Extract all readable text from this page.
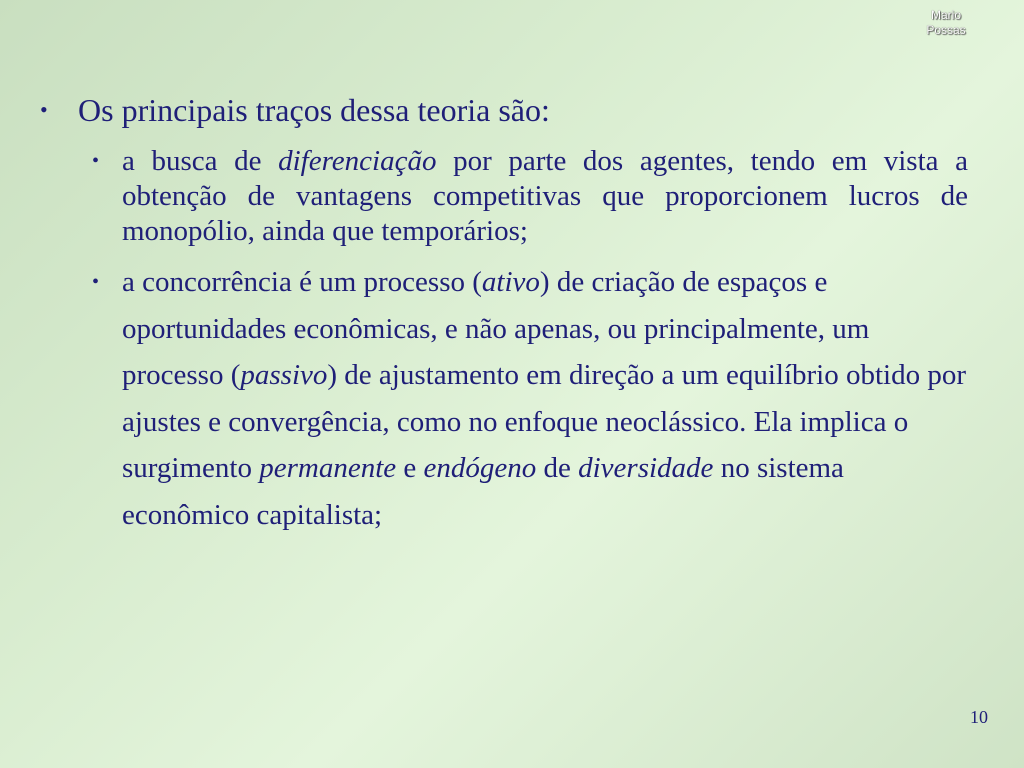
Mario
Possas
• Os principais traços dessa teoria são:
• a busca de diferenciação por parte dos agentes, tendo em vista a obtenção de vantagens competitivas que proporcionem lucros de monopólio, ainda que temporários;
• a concorrência é um processo (ativo) de criação de espaços e oportunidades econômicas, e não apenas, ou principalmente, um processo (passivo) de ajustamento em direção a um equilíbrio obtido por ajustes e convergência, como no enfoque neoclássico. Ela implica o surgimento permanente e endógeno de diversidade no sistema econômico capitalista;
10
